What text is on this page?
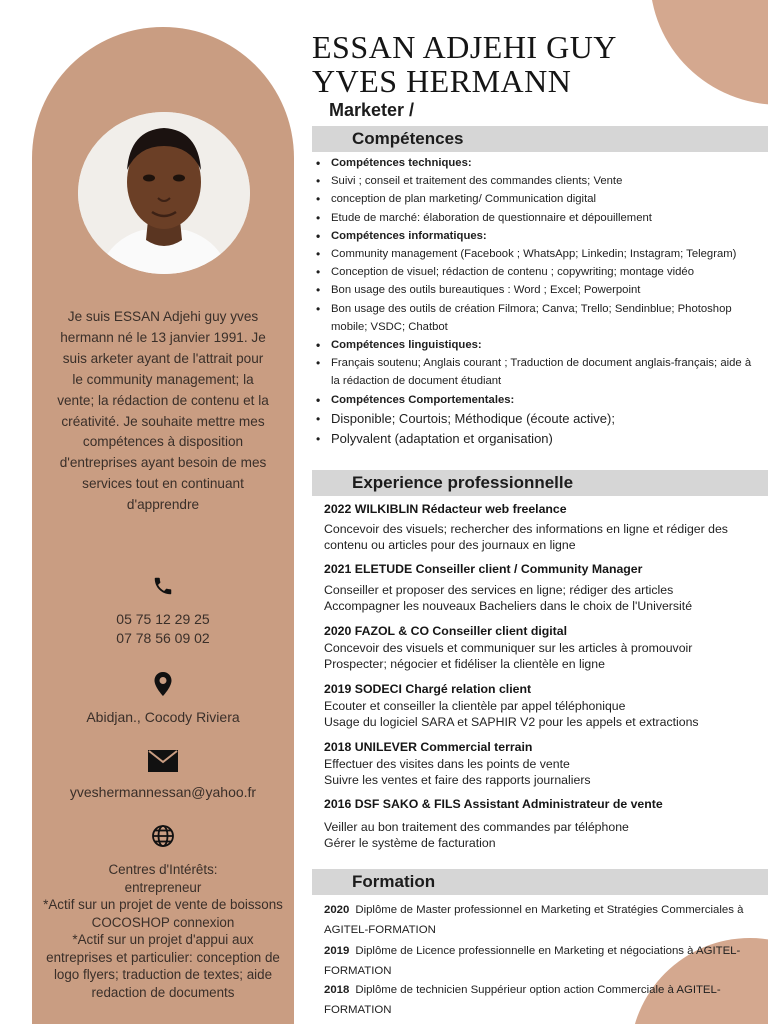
Je suis ESSAN Adjehi guy yves hermann né le 13 janvier 1991. Je suis arketer ayant de l'attrait pour le community management; la vente; la rédaction de contenu et la créativité. Je souhaite mettre mes compétences à disposition d'entreprises ayant besoin de mes services tout en continuant d'apprendre
05 75 12 29 25
07 78 56 09 02
Abidjan., Cocody Riviera
yveshermannessan@yahoo.fr
Centres d'Intérêts:
entrepreneur
*Actif sur un projet de vente de boissons COCOSHOP connexion
*Actif sur un projet d'appui aux entreprises et particulier: conception de logo flyers; traduction de textes; aide redaction de documents
ESSAN ADJEHI GUY
YVES HERMANN
Marketer /
Compétences
• Compétences techniques:
• Suivi ; conseil et traitement des commandes clients; Vente
• conception de plan marketing/ Communication digital
• Etude de marché: élaboration de questionnaire et dépouillement
• Compétences informatiques:
• Community management (Facebook ; WhatsApp; Linkedin; Instagram; Telegram)
• Conception de visuel; rédaction de contenu ; copywriting; montage vidéo
• Bon usage des outils bureautiques : Word ; Excel; Powerpoint
• Bon usage des outils de création Filmora; Canva; Trello; Sendinblue; Photoshop mobile; VSDC; Chatbot
• Compétences linguistiques:
• Français soutenu; Anglais courant ; Traduction de document anglais-français; aide à la rédaction de document étudiant
• Compétences Comportementales:
• Disponible; Courtois; Méthodique (écoute active);
• Polyvalent (adaptation et organisation)
Experience professionnelle
2022 WILKIBLIN Rédacteur web freelance
Concevoir des visuels; rechercher des informations en ligne et rédiger des contenu ou articles pour des journaux en ligne
2021 ELETUDE Conseiller client / Community Manager
Conseiller et proposer des services en ligne; rédiger des articles
Accompagner les nouveaux Bacheliers dans le choix de l'Université
2020 FAZOL & CO Conseiller client digital
Concevoir des visuels et communiquer sur les articles à promouvoir
Prospecter; négocier et fidéliser la clientèle en ligne
2019 SODECI Chargé relation client
Ecouter et conseiller la clientèle par appel téléphonique
Usage du logiciel SARA et SAPHIR V2 pour les appels et extractions
2018 UNILEVER Commercial terrain
Effectuer des visites dans les points de vente
Suivre les ventes et faire des rapports journaliers
2016 DSF SAKO & FILS Assistant Administrateur de vente
Veiller au bon traitement des commandes par téléphone
Gérer le système de facturation
Formation
2020 Diplôme de Master professionnel en Marketing et Stratégies Commerciales à AGITEL-FORMATION
2019 Diplôme de Licence professionnelle en Marketing et négociations à AGITEL-FORMATION
2018 Diplôme de technicien Suppérieur option action Commerciale à AGITEL-FORMATION
